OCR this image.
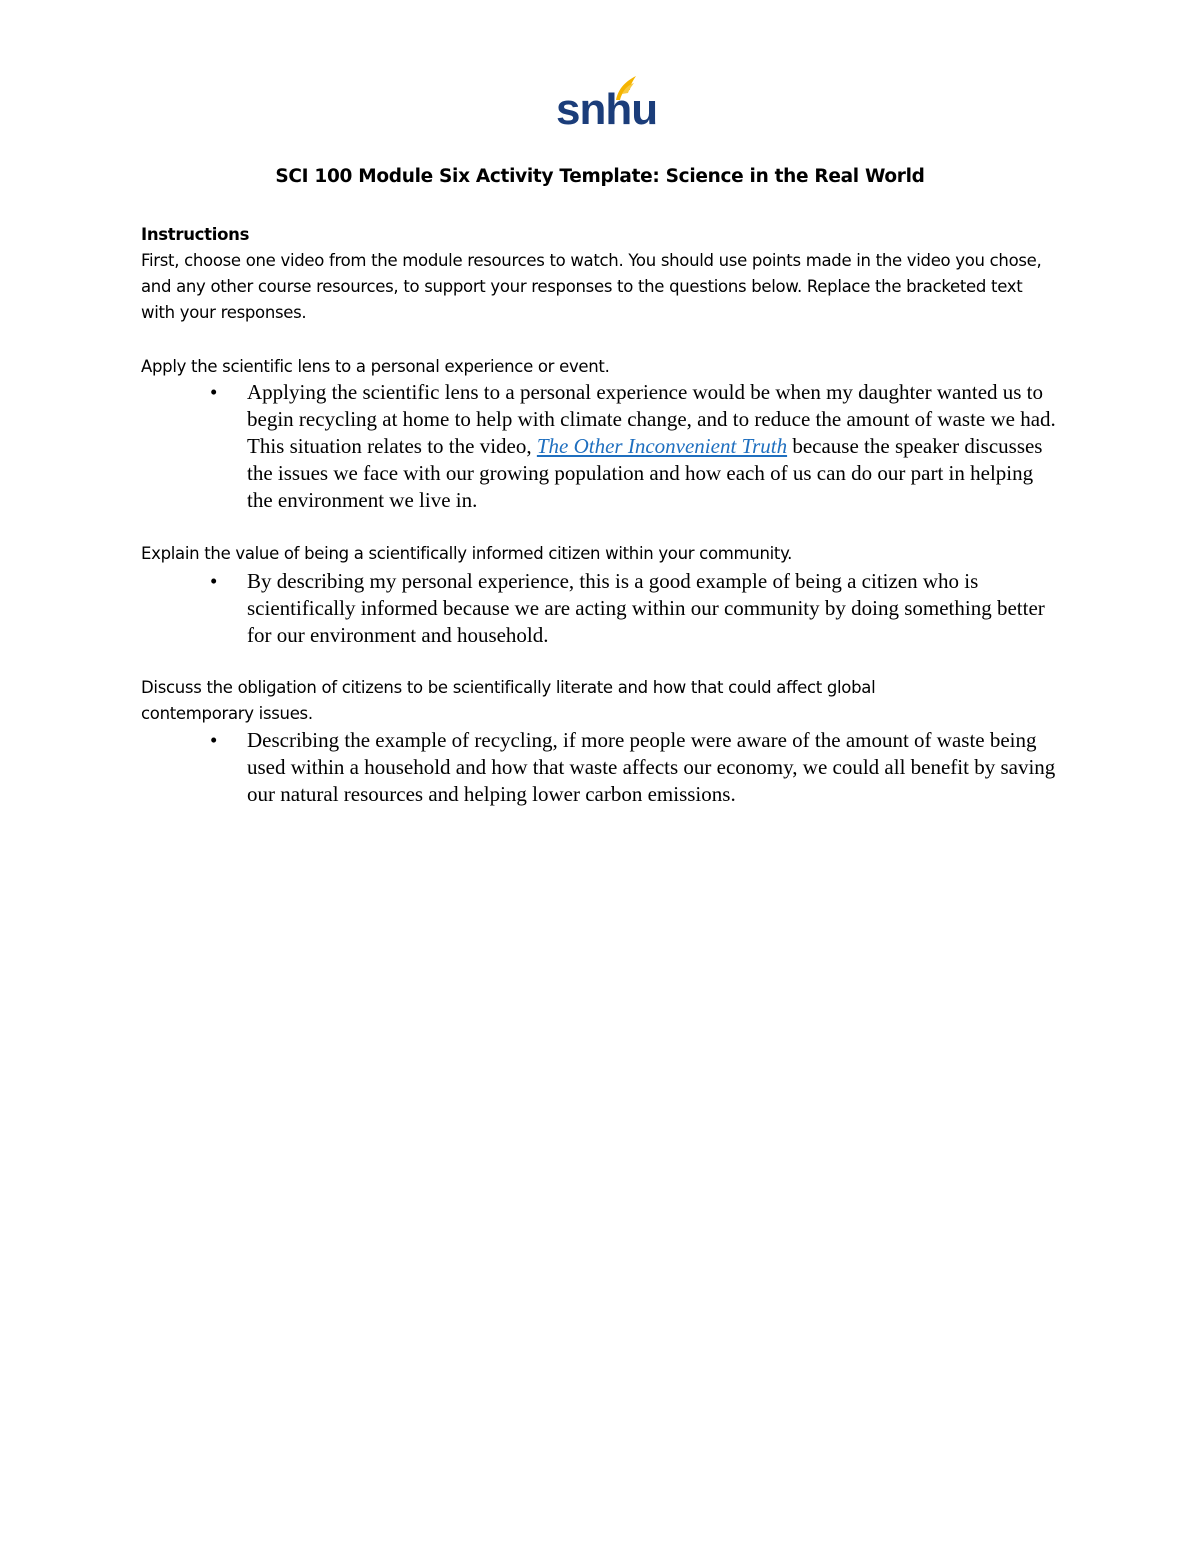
snhu
SCI 100 Module Six Activity Template: Science in the Real World
Instructions
First, choose one video from the module resources to watch. You should use points made in the video you chose, and any other course resources, to support your responses to the questions below. Replace the bracketed text with your responses.
Apply the scientific lens to a personal experience or event.
•	Applying the scientific lens to a personal experience would be when my daughter wanted us to begin recycling at home to help with climate change, and to reduce the amount of waste we had. This situation relates to the video, The Other Inconvenient Truth because the speaker discusses the issues we face with our growing population and how each of us can do our part in helping the environment we live in.
Explain the value of being a scientifically informed citizen within your community.
•	By describing my personal experience, this is a good example of being a citizen who is scientifically informed because we are acting within our community by doing something better for our environment and household.
Discuss the obligation of citizens to be scientifically literate and how that could affect global contemporary issues.
•	Describing the example of recycling, if more people were aware of the amount of waste being used within a household and how that waste affects our economy, we could all benefit by saving our natural resources and helping lower carbon emissions.
